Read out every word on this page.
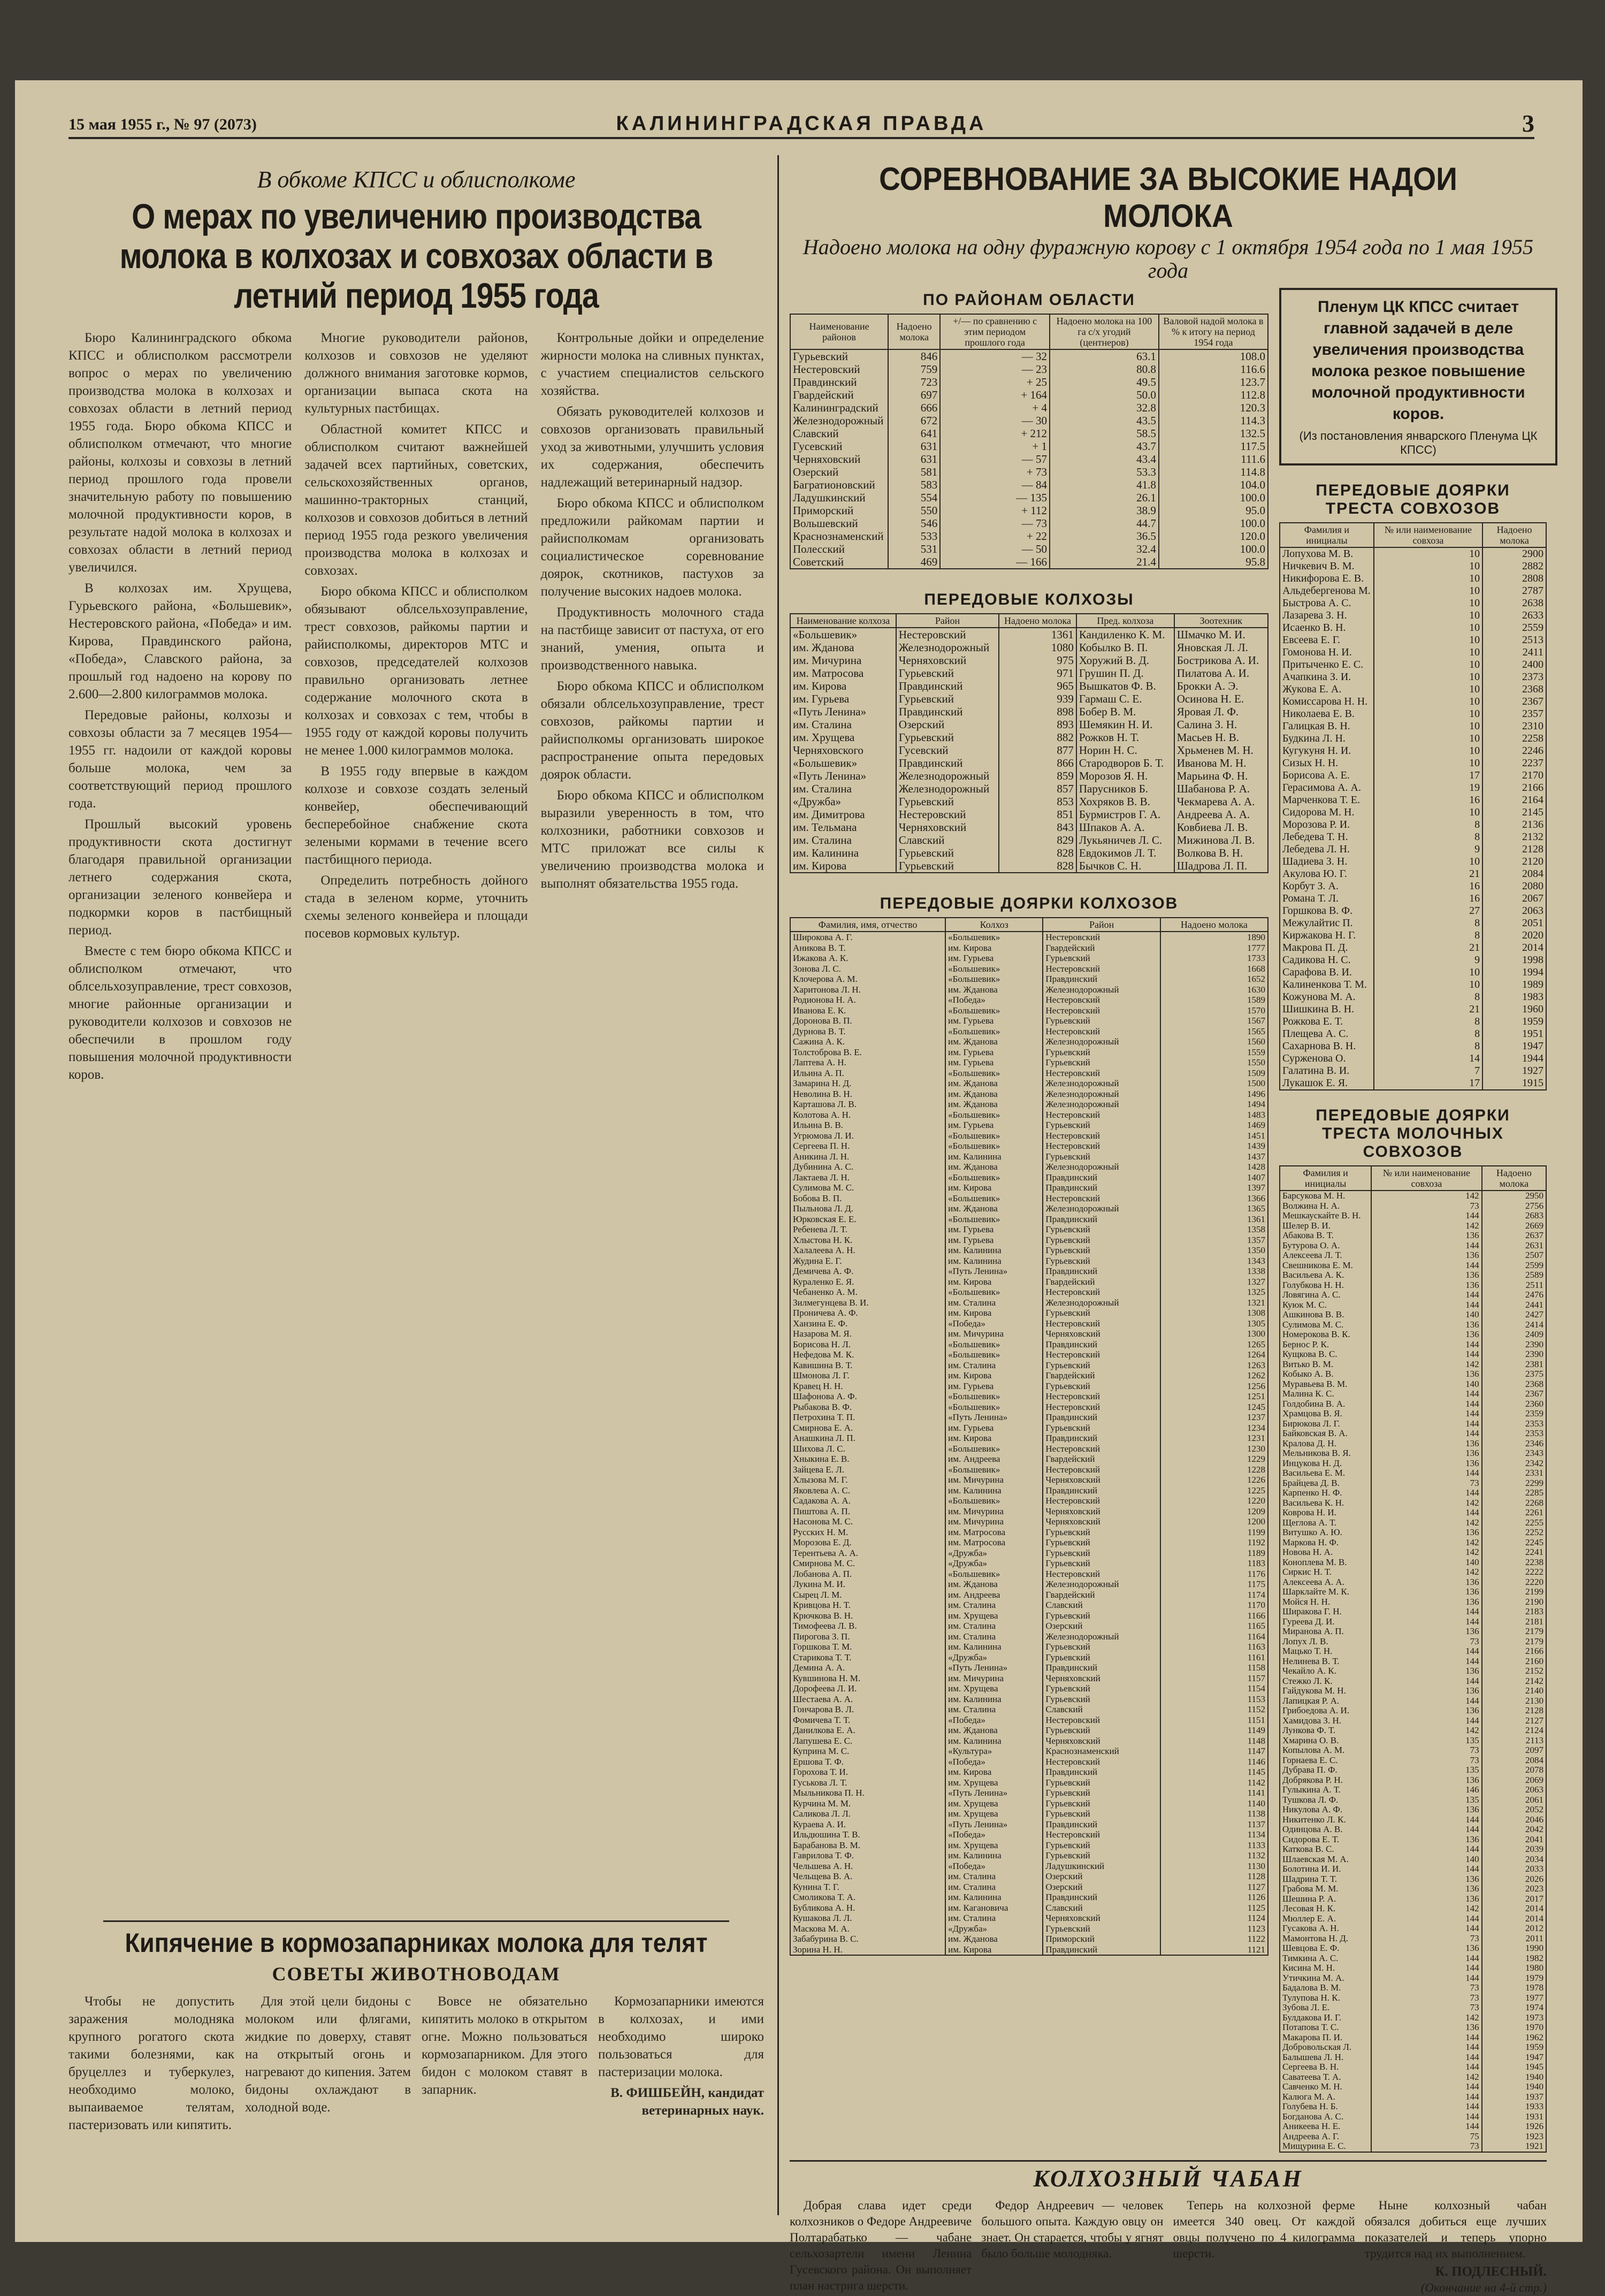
15 мая 1955 г., № 97 (2073)	КАЛИНИНГРАДСКАЯ ПРАВДА	3
В обкоме КПСС и облисполкоме
О мерах по увеличению производства молока в колхозах и совхозах области в летний период 1955 года

Бюро Калининградского обкома КПСС и облисполком рассмотрели вопрос о мерах по увеличению производства молока в колхозах и совхозах области в летний период 1955 года. Бюро обкома КПСС и облисполком отмечают, что многие районы, колхозы и совхозы в летний период прошлого года провели значительную работу по повышению молочной продуктивности коров, в результате надой молока в колхозах и совхозах области в летний период увеличился.

В колхозах им. Хрущева, Гурьевского района, «Большевик», Нестеровского района, «Победа» и им. Кирова, Правдинского района, «Победа», Славского района, за прошлый год надоено на корову по 2.600—2.800 килограммов молока.

Передовые районы, колхозы и совхозы области за 7 месяцев 1954—1955 гг. надоили от каждой коровы больше молока, чем за соответствующий период прошлого года.

Прошлый высокий уровень продуктивности скота достигнут благодаря правильной организации летнего содержания скота, организации зеленого конвейера и подкормки коров в пастбищный период.

Вместе с тем бюро обкома КПСС и облисполком отмечают, что облсельхозуправление, трест совхозов, многие районные организации и руководители колхозов и совхозов не обеспечили в прошлом году повышения молочной продуктивности коров.

Многие руководители районов, колхозов и совхозов не уделяют должного внимания заготовке кормов, организации выпаса скота на культурных пастбищах.

Областной комитет КПСС и облисполком считают важнейшей задачей всех партийных, советских, сельскохозяйственных органов, машинно-тракторных станций, колхозов и совхозов добиться в летний период 1955 года резкого увеличения производства молока в колхозах и совхозах.

Бюро обкома КПСС и облисполком обязывают облсельхозуправление, трест совхозов, райкомы партии и райисполкомы, директоров МТС и совхозов, председателей колхозов правильно организовать летнее содержание молочного скота в колхозах и совхозах с тем, чтобы в 1955 году от каждой коровы получить не менее 1.000 килограммов молока.

В 1955 году впервые в каждом колхозе и совхозе создать зеленый конвейер, обеспечивающий бесперебойное снабжение скота зелеными кормами в течение всего пастбищного периода.

Определить потребность дойного стада в зеленом корме, уточнить схемы зеленого конвейера и площади посевов кормовых культур.

Контрольные дойки и определение жирности молока на сливных пунктах, с участием специалистов сельского хозяйства.

Обязать руководителей колхозов и совхозов организовать правильный уход за животными, улучшить условия их содержания, обеспечить надлежащий ветеринарный надзор.

Бюро обкома КПСС и облисполком предложили райкомам партии и райисполкомам организовать социалистическое соревнование доярок, скотников, пастухов за получение высоких надоев молока.

Продуктивность молочного стада на пастбище зависит от пастуха, от его знаний, умения, опыта и производственного навыка.

Бюро обкома КПСС и облисполком обязали облсельхозуправление, трест совхозов, райкомы партии и райисполкомы организовать широкое распространение опыта передовых доярок области.

Бюро обкома КПСС и облисполком выразили уверенность в том, что колхозники, работники совхозов и МТС приложат все силы к увеличению производства молока и выполнят обязательства 1955 года.

Кипячение в кормозапарниках молока для телят
СОВЕТЫ ЖИВОТНОВОДАМ

Чтобы не допустить заражения молодняка крупного рогатого скота такими болезнями, как бруцеллез и туберкулез, необходимо молоко, выпаиваемое телятам, пастеризовать или кипятить.

Для этой цели бидоны с молоком или флягами, жидкие по доверху, ставят на открытый огонь и нагревают до кипения. Затем бидоны охлаждают в холодной воде.

Вовсе не обязательно кипятить молоко в открытом огне. Можно пользоваться кормозапарником. Для этого бидон с молоком ставят в запарник.

Кормозапарники имеются в колхозах, и ими необходимо широко пользоваться для пастеризации молока.

В. ФИШБЕЙН, кандидат ветеринарных наук.
СОРЕВНОВАНИЕ ЗА ВЫСОКИЕ НАДОИ МОЛОКА
Надоено молока на одну фуражную корову с 1 октября 1954 года по 1 мая 1955 года
ПО РАЙОНАМ ОБЛАСТИ
Наименование районов	Надоено молока	+/— по сравнению с этим периодом прошлого года	Надоено молока на 100 га с/х угодий (центнеров)	Валовой надой молока в % к итогу на период 1954 года
Гурьевский	846	— 32	63.1	108.0
Нестеровский	759	— 23	80.8	116.6
Правдинский	723	+ 25	49.5	123.7
Гвардейский	697	+ 164	50.0	112.8
Калининградский	666	+ 4	32.8	120.3
Железнодорожный	672	— 30	43.5	114.3
Славский	641	+ 212	58.5	132.5
Гусевский	631	+ 1	43.7	117.5
Черняховский	631	— 57	43.4	111.6
Озерский	581	+ 73	53.3	114.8
Багратионовский	583	— 84	41.8	104.0
Ладушкинский	554	— 135	26.1	100.0
Приморский	550	+ 112	38.9	95.0
Вольшевский	546	— 73	44.7	100.0
Краснознаменский	533	+ 22	36.5	120.0
Полесский	531	— 50	32.4	100.0
Советский	469	— 166	21.4	95.8
ПЕРЕДОВЫЕ КОЛХОЗЫ
Наименование колхоза	Район	Надоено молока	Пред. колхоза	Зоотехник
«Большевик»	Нестеровский	1361	Кандиленко К. М.	Шмачко М. И.
им. Жданова	Железнодорожный	1080	Кобылко В. П.	Яновская Л. Л.
им. Мичурина	Черняховский	975	Хоружий В. Д.	Бострикова А. И.
им. Матросова	Гурьевский	971	Грушин П. Д.	Пилатова А. И.
им. Кирова	Правдинский	965	Вышкатов Ф. В.	Брокки А. Э.
им. Гурьева	Гурьевский	939	Гармаш С. Е.	Осинова Н. Е.
«Путь Ленина»	Правдинский	898	Бобер В. М.	Яровая Л. Ф.
им. Сталина	Озерский	893	Шемякин Н. И.	Салина З. Н.
им. Хрущева	Гурьевский	882	Рожков Н. Т.	Масьев Н. В.
Черняховского	Гусевский	877	Норин Н. С.	Хрьменев М. Н.
«Большевик»	Правдинский	866	Стародворов Б. Т.	Иванова М. Н.
«Путь Ленина»	Железнодорожный	859	Морозов Я. Н.	Марьина Ф. Н.
им. Сталина	Железнодорожный	857	Парусников Б.	Шабанова Р. А.
«Дружба»	Гурьевский	853	Хохряков В. В.	Чекмарева А. А.
им. Димитрова	Нестеровский	851	Бурмистров Г. А.	Андреева А. А.
им. Тельмана	Черняховский	843	Шпаков А. А.	Ковбиева Л. В.
им. Сталина	Славский	829	Лукьяничев Л. С.	Мижинова Л. В.
им. Калинина	Гурьевский	828	Евдокимов Л. Т.	Волкова В. Н.
им. Кирова	Гурьевский	828	Бычков С. Н.	Шадрова Л. П.
ПЕРЕДОВЫЕ ДОЯРКИ КОЛХОЗОВ
Фамилия, имя, отчество	Колхоз	Район	Надоено молока
Широкова А. Г.	«Большевик»	Нестеровский	1890
Аникова В. Т.	им. Кирова	Гвардейский	1777
Ижакова А. К.	им. Гурьева	Гурьевский	1733
Зонова Л. С.	«Большевик»	Нестеровский	1668
Клочерова А. М.	«Большевик»	Правдинский	1652
Харитонова Л. Н.	им. Жданова	Железнодорожный	1630
Родионова Н. А.	«Победа»	Нестеровский	1589
Иванова Е. К.	«Большевик»	Нестеровский	1570
Доронова В. П.	им. Гурьева	Гурьевский	1567
Дурнова В. Т.	«Большевик»	Нестеровский	1565
Сажина А. К.	им. Жданова	Железнодорожный	1560
Толстоброва В. Е.	им. Гурьева	Гурьевский	1559
Лаптева А. Н.	им. Гурьева	Гурьевский	1550
Ильина А. П.	«Большевик»	Нестеровский	1509
Замарина Н. Д.	им. Жданова	Железнодорожный	1500
Неволина В. Н.	им. Жданова	Железнодорожный	1496
Карташова Л. В.	им. Жданова	Железнодорожный	1494
Колотова А. Н.	«Большевик»	Нестеровский	1483
Ильина В. В.	им. Гурьева	Гурьевский	1469
Угрюмова Л. И.	«Большевик»	Нестеровский	1451
Сергеева П. Н.	«Большевик»	Нестеровский	1439
Аникина Л. Н.	им. Калинина	Гурьевский	1437
Дубинина А. С.	им. Жданова	Железнодорожный	1428
Лактаева Л. Н.	«Большевик»	Правдинский	1407
Сулимова М. С.	им. Кирова	Правдинский	1397
Бобова В. П.	«Большевик»	Нестеровский	1366
Пыльнова Л. Д.	им. Жданова	Железнодорожный	1365
Юрковская Е. Е.	«Большевик»	Правдинский	1361
Ребенева Л. Т.	им. Гурьева	Гурьевский	1358
Хлыстова Н. К.	им. Гурьева	Гурьевский	1357
Халалеева А. Н.	им. Калинина	Гурьевский	1350
Жудина Е. Г.	им. Калинина	Гурьевский	1343
Демичева А. Ф.	«Путь Ленина»	Правдинский	1338
Кураленко Е. Я.	им. Кирова	Гвардейский	1327
Чебаненко А. М.	«Большевик»	Нестеровский	1325
Зилмегунцева В. И.	им. Сталина	Железнодорожный	1321
Проничева А. Ф.	им. Кирова	Гурьевский	1308
Ханзина Е. Ф.	«Победа»	Нестеровский	1305
Назарова М. Я.	им. Мичурина	Черняховский	1300
Борисова Н. Л.	«Большевик»	Правдинский	1265
Нефедова М. К.	«Большевик»	Нестеровский	1264
Кавишина В. Т.	им. Сталина	Гурьевский	1263
Шмонова Л. Г.	им. Кирова	Гвардейский	1262
Кравец Н. Н.	им. Гурьева	Гурьевский	1256
Шафонова А. Ф.	«Большевик»	Нестеровский	1251
Рыбакова В. Ф.	«Большевик»	Нестеровский	1245
Петрохина Т. П.	«Путь Ленина»	Правдинский	1237
Смирнова Е. А.	им. Гурьева	Гурьевский	1234
Анашкина Л. П.	им. Кирова	Правдинский	1231
Шихова Л. С.	«Большевик»	Нестеровский	1230
Хныкина Е. В.	им. Андреева	Гвардейский	1229
Зайцева Е. Л.	«Большевик»	Нестеровский	1228
Хлызова М. Г.	им. Мичурина	Черняховский	1226
Яковлева А. С.	им. Калинина	Правдинский	1225
Садакова А. А.	«Большевик»	Нестеровский	1220
Пиштова А. П.	им. Мичурина	Черняховский	1209
Насонова М. С.	им. Мичурина	Черняховский	1200
Русских Н. М.	им. Матросова	Гурьевский	1199
Морозова Е. Д.	им. Матросова	Гурьевский	1192
Терентьева А. А.	«Дружба»	Гурьевский	1189
Смирнова М. С.	«Дружба»	Гурьевский	1183
Лобанова А. П.	«Большевик»	Нестеровский	1176
Лукина М. И.	им. Жданова	Железнодорожный	1175
Сырец Л. М.	им. Андреева	Гвардейский	1174
Кривцова Н. Т.	им. Сталина	Славский	1170
Крючкова В. Н.	им. Хрущева	Гурьевский	1166
Тимофеева Л. В.	им. Сталина	Озерский	1165
Пирогова З. П.	им. Сталина	Железнодорожный	1164
Горшкова Т. М.	им. Калинина	Гурьевский	1163
Старикова Т. Т.	«Дружба»	Гурьевский	1161
Демина А. А.	«Путь Ленина»	Правдинский	1158
Кувшинова Н. М.	им. Мичурина	Черняховский	1157
Дорофеева Л. И.	им. Хрущева	Гурьевский	1154
Шестаева А. А.	им. Калинина	Гурьевский	1153
Гончарова В. Л.	им. Сталина	Славский	1152
Фомичева Т. Т.	«Победа»	Нестеровский	1151
Данилкова Е. А.	им. Жданова	Гурьевский	1149
Лапушева Е. С.	им. Калинина	Черняховский	1148
Куприна М. С.	«Культура»	Краснознаменский	1147
Ершова Т. Ф.	«Победа»	Нестеровский	1146
Горохова Т. И.	им. Кирова	Правдинский	1145
Гуськова Л. Т.	им. Хрущева	Гурьевский	1142
Мыльникова П. Н.	«Путь Ленина»	Гурьевский	1141
Курчина М. М.	им. Хрущева	Гурьевский	1140
Саликова Л. Л.	им. Хрущева	Гурьевский	1138
Кураева А. И.	«Путь Ленина»	Правдинский	1137
Ильдюшина Т. В.	«Победа»	Нестеровский	1134
Барабанова В. М.	им. Хрущева	Гурьевский	1133
Гаврилова Т. Ф.	им. Калинина	Гурьевский	1132
Чельшева А. Н.	«Победа»	Ладушкинский	1130
Чельщева В. А.	им. Сталина	Озерский	1128
Кунина Т. Г.	им. Сталина	Озерский	1127
Смоликова Т. А.	им. Калинина	Правдинский	1126
Бубликова А. Н.	им. Кагановича	Славский	1125
Кушакова Л. Л.	им. Сталина	Черняховский	1124
Маскова М. А.	«Дружба»	Гурьевский	1123
Забабурина В. С.	им. Жданова	Приморский	1122
Зорина Н. Н.	им. Кирова	Правдинский	1121
Пленум ЦК КПСС считает главной задачей в деле увеличения производства молока резкое повышение молочной продуктивности коров.
(Из постановления январского Пленума ЦК КПСС)
ПЕРЕДОВЫЕ ДОЯРКИ ТРЕСТА СОВХОЗОВ
Фамилия и инициалы	№ или наименование совхоза	Надоено молока
Лопухова М. В.	10	2900
Ничкевич В. М.	10	2882
Никифорова Е. В.	10	2808
Альдебергенова М.	10	2787
Быстрова А. С.	10	2638
Лазарева З. Н.	10	2633
Исаенко В. Н.	10	2559
Евсеева Е. Г.	10	2513
Гомонова Н. И.	10	2411
Притыченко Е. С.	10	2400
Ачапкина З. И.	10	2373
Жукова Е. А.	10	2368
Комиссарова Н. Н.	10	2367
Николаева Е. В.	10	2357
Галицкая В. Н.	10	2310
Будкина Л. Н.	10	2258
Кугукуня Н. И.	10	2246
Сизых Н. Н.	10	2237
Борисова А. Е.	17	2170
Герасимова А. А.	19	2166
Марченкова Т. Е.	16	2164
Сидорова М. Н.	10	2145
Морозова Р. И.	8	2136
Лебедева Т. Н.	8	2132
Лебедева Л. Н.	9	2128
Шадиева З. Н.	10	2120
Акулова Ю. Г.	21	2084
Корбут З. А.	16	2080
Романа Т. Л.	16	2067
Горшкова В. Ф.	27	2063
Межулайтис П.	8	2051
Киржакова Н. Г.	8	2020
Макрова П. Д.	21	2014
Садикова Н. С.	9	1998
Сарафова В. И.	10	1994
Калиненкова Т. М.	10	1989
Кожунова М. А.	8	1983
Шишкина В. Н.	21	1960
Рожкова Е. Т.	8	1959
Плещева А. С.	8	1951
Сахарнова В. Н.	8	1947
Сурженова О.	14	1944
Галатина В. И.	7	1927
Лукашок Е. Я.	17	1915
ПЕРЕДОВЫЕ ДОЯРКИ ТРЕСТА МОЛОЧНЫХ СОВХОЗОВ
Фамилия и инициалы	№ или наименование совхоза	Надоено молока
Барсукова М. Н.	142	2950
Волжина Н. А.	73	2756
Мешкаускайте В. Н.	144	2683
Шелер В. И.	142	2669
Абакова В. Т.	136	2637
Бутурова О. А.	144	2631
Алексеева Л. Т.	136	2507
Свешникова Е. М.	144	2599
Васильева А. К.	136	2589
Голубкова Н. Н.	136	2511
Ловягина А. С.	144	2476
Куюк М. С.	144	2441
Ашкинова В. В.	140	2427
Сулимова М. С.	136	2414
Номерокова В. К.	136	2409
Бернос Р. К.	144	2390
Кущкова В. С.	144	2390
Витько В. М.	142	2381
Кобыко А. В.	136	2375
Муравьева В. М.	140	2368
Малина К. С.	144	2367
Голдобина В. А.	144	2360
Храмцова В. Я.	144	2359
Бирюкова Л. Г.	144	2353
Байковская В. А.	144	2353
Кралова Д. Н.	136	2346
Мельникова В. Я.	136	2343
Инцукова Н. Д.	136	2342
Васильева Е. М.	144	2331
Брайцева Д. В.	73	2299
Карпенко Н. Ф.	144	2285
Васильева К. Н.	142	2268
Коврова Н. И.	144	2261
Щеглова А. Т.	142	2255
Витушко А. Ю.	136	2252
Маркова Н. Ф.	142	2245
Новова Н. А.	142	2241
Коноплева М. В.	140	2238
Сиркис Н. Т.	142	2222
Алексеева А. А.	136	2220
Шарклайте М. К.	136	2199
Мойся Н. Н.	136	2190
Ширакова Г. Н.	144	2183
Гуреева Д. И.	144	2181
Миранова А. П.	136	2179
Лопух Л. В.	73	2179
Мацько Т. Н.	144	2166
Нелинева В. Т.	144	2160
Чекайло А. К.	136	2152
Стежко Л. К.	144	2142
Гайдукова М. Н.	136	2140
Лапицкая Р. А.	144	2130
Грибоедова А. И.	136	2128
Хамидова З. Н.	144	2127
Лункова Ф. Т.	142	2124
Хмарина О. В.	135	2113
Копылова А. М.	73	2097
Горнаева Е. С.	73	2084
Дубрава П. Ф.	135	2078
Добрякова Р. Н.	136	2069
Гулыкина А. Т.	146	2063
Тушкова Л. Ф.	135	2061
Никулова А. Ф.	136	2052
Никитенко Л. К.	144	2046
Одинцова А. В.	144	2042
Сидорова Е. Т.	136	2041
Каткова В. С.	144	2039
Шлаевская М. А.	140	2034
Болотина И. И.	144	2033
Шадрина Т. Т.	136	2026
Грабова М. М.	136	2023
Шешина Р. А.	136	2017
Лесовая Н. К.	142	2014
Мюллер Е. А.	144	2014
Гусакова А. Н.	144	2012
Мамонтова Н. Д.	73	2011
Шевцова Е. Ф.	136	1990
Тимкина А. С.	144	1982
Кисина М. Н.	144	1980
Утичкина М. А.	144	1979
Бадалова В. М.	73	1978
Тулупова Н. К.	73	1977
Зубова Л. Е.	73	1974
Булдакова И. Г.	142	1973
Потапова Т. С.	136	1970
Макарова П. И.	144	1962
Добровольская Л.	144	1959
Балышева Л. Н.	144	1947
Сергеева В. Н.	144	1945
Саватеева Т. А.	142	1940
Савченко М. Н.	144	1940
Калюга М. А.	144	1937
Голубева Н. Б.	144	1933
Богданова А. С.	144	1931
Аникеева Н. Е.	144	1926
Андреева А. Г.	75	1923
Мищурина Е. С.	73	1921
КОЛХОЗНЫЙ ЧАБАН

Добрая слава идет среди колхозников о Федоре Андреевиче Полтарабатько — чабане сельхозартели имени Ленина Гусевского района. Он выполняет план настрига шерсти.

Федор Андреевич — человек большого опыта. Каждую овцу он знает. Он старается, чтобы у ягнят было больше молодняка.

Теперь на колхозной ферме имеется 340 овец. От каждой овцы получено по 4 килограмма шерсти.

Ныне колхозный чабан обязался добиться еще лучших показателей и теперь упорно трудится над их выполнением.

К. ПОДЛЕСНЫЙ.
(Окончание на 4-й стр.)
